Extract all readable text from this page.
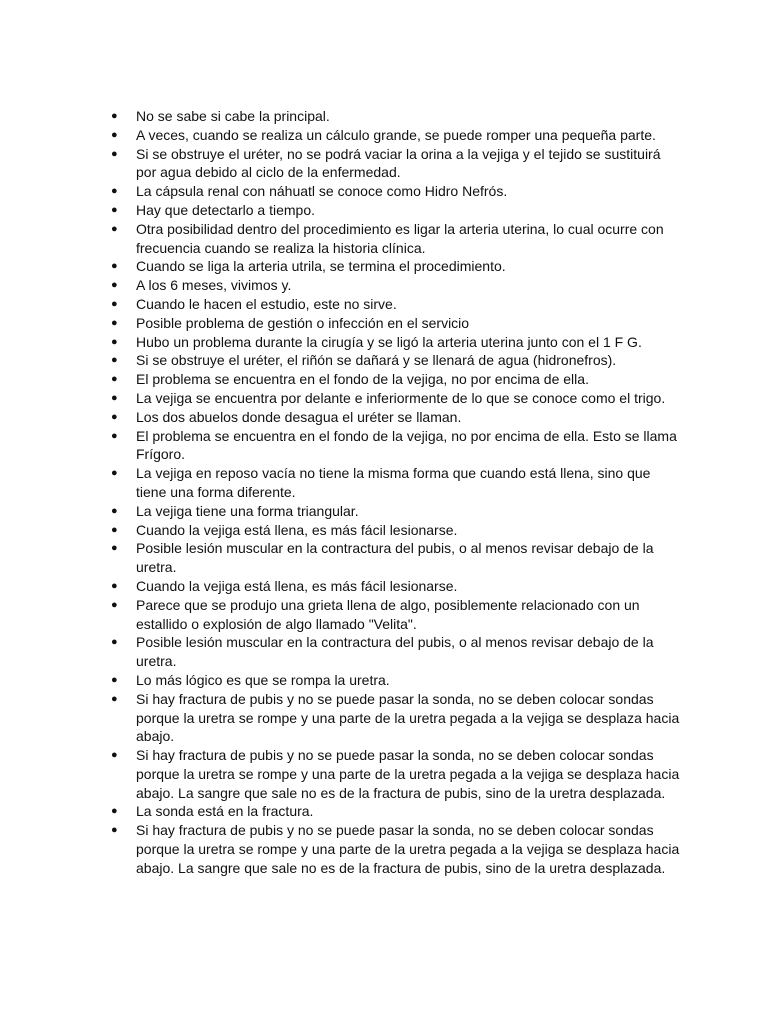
●	No se sabe si cabe la principal.
●	A veces, cuando se realiza un cálculo grande, se puede romper una pequeña parte.
●	Si se obstruye el uréter, no se podrá vaciar la orina a la vejiga y el tejido se sustituirá por agua debido al ciclo de la enfermedad.
●	La cápsula renal con náhuatl se conoce como Hidro Nefrós.
●	Hay que detectarlo a tiempo.
●	Otra posibilidad dentro del procedimiento es ligar la arteria uterina, lo cual ocurre con frecuencia cuando se realiza la historia clínica.
●	Cuando se liga la arteria utrila, se termina el procedimiento.
●	A los 6 meses, vivimos y.
●	Cuando le hacen el estudio, este no sirve.
●	Posible problema de gestión o infección en el servicio
●	Hubo un problema durante la cirugía y se ligó la arteria uterina junto con el 1 F G.
●	Si se obstruye el uréter, el riñón se dañará y se llenará de agua (hidronefros).
●	El problema se encuentra en el fondo de la vejiga, no por encima de ella.
●	La vejiga se encuentra por delante e inferiormente de lo que se conoce como el trigo.
●	Los dos abuelos donde desagua el uréter se llaman.
●	El problema se encuentra en el fondo de la vejiga, no por encima de ella. Esto se llama Frígoro.
●	La vejiga en reposo vacía no tiene la misma forma que cuando está llena, sino que tiene una forma diferente.
●	La vejiga tiene una forma triangular.
●	Cuando la vejiga está llena, es más fácil lesionarse.
●	Posible lesión muscular en la contractura del pubis, o al menos revisar debajo de la uretra.
●	Cuando la vejiga está llena, es más fácil lesionarse.
●	Parece que se produjo una grieta llena de algo, posiblemente relacionado con un estallido o explosión de algo llamado "Velita".
●	Posible lesión muscular en la contractura del pubis, o al menos revisar debajo de la uretra.
●	Lo más lógico es que se rompa la uretra.
●	Si hay fractura de pubis y no se puede pasar la sonda, no se deben colocar sondas porque la uretra se rompe y una parte de la uretra pegada a la vejiga se desplaza hacia abajo.
●	Si hay fractura de pubis y no se puede pasar la sonda, no se deben colocar sondas porque la uretra se rompe y una parte de la uretra pegada a la vejiga se desplaza hacia abajo. La sangre que sale no es de la fractura de pubis, sino de la uretra desplazada.
●	La sonda está en la fractura.
●	Si hay fractura de pubis y no se puede pasar la sonda, no se deben colocar sondas porque la uretra se rompe y una parte de la uretra pegada a la vejiga se desplaza hacia abajo. La sangre que sale no es de la fractura de pubis, sino de la uretra desplazada.
